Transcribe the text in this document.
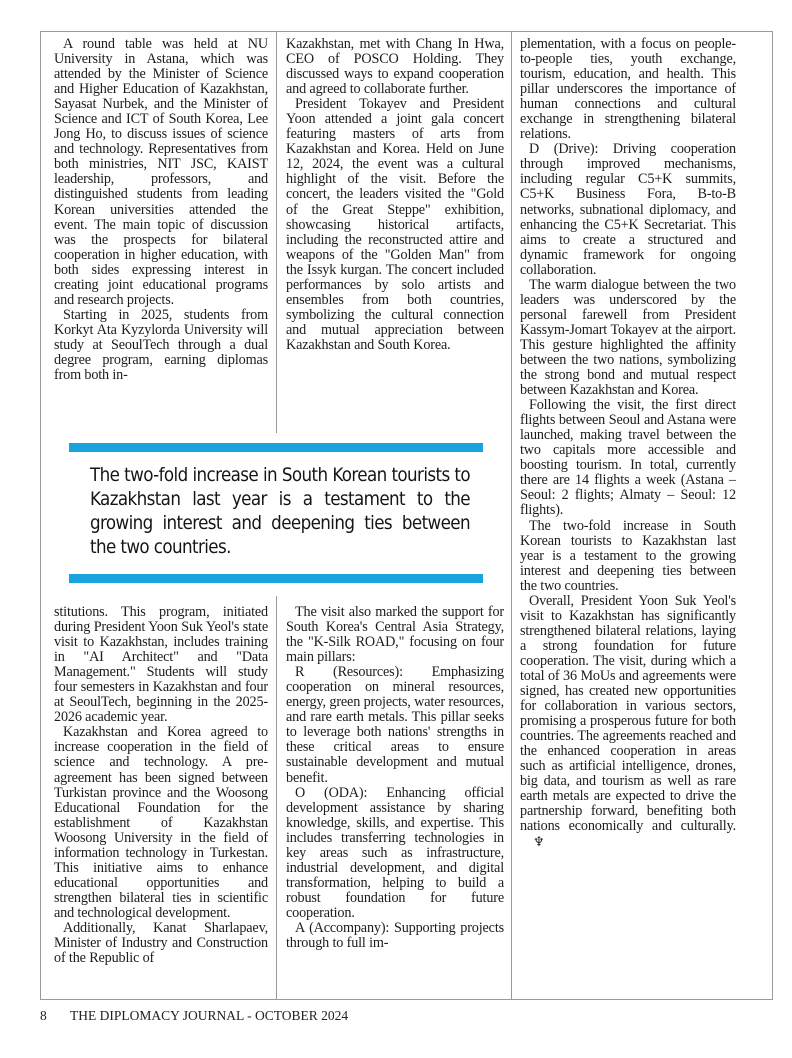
A round table was held at NU University in Astana, which was attended by the Minister of Science and Higher Education of Kazakhstan, Sayasat Nurbek, and the Minister of Science and ICT of South Korea, Lee Jong Ho, to discuss issues of science and technology. Representatives from both ministries, NIT JSC, KAIST leadership, professors, and distinguished students from leading Korean universities attended the event. The main topic of discussion was the prospects for bilateral cooperation in higher education, with both sides expressing interest in creating joint educational programs and research projects.

Starting in 2025, students from Korkyt Ata Kyzylorda University will study at SeoulTech through a dual degree program, earning diplomas from both in-

Kazakhstan, met with Chang In Hwa, CEO of POSCO Holding. They discussed ways to expand cooperation and agreed to collaborate further.

President Tokayev and President Yoon attended a joint gala concert featuring masters of arts from Kazakhstan and Korea. Held on June 12, 2024, the event was a cultural highlight of the visit. Before the concert, the leaders visited the "Gold of the Great Steppe" exhibition, showcasing historical artifacts, including the reconstructed attire and weapons of the "Golden Man" from the Issyk kurgan. The concert included performances by solo artists and ensembles from both countries, symbolizing the cultural connection and mutual appreciation between Kazakhstan and South Korea.

The two-fold increase in South Korean tourists to Kazakhstan last year is a testament to the growing interest and deepening ties between the two countries.

stitutions. This program, initiated during President Yoon Suk Yeol's state visit to Kazakhstan, includes training in "AI Architect" and "Data Management." Students will study four semesters in Kazakhstan and four at SeoulTech, beginning in the 2025-2026 academic year.

Kazakhstan and Korea agreed to increase cooperation in the field of science and technology. A pre-agreement has been signed between Turkistan province and the Woosong Educational Foundation for the establishment of Kazakhstan Woosong University in the field of information technology in Turkestan. This initiative aims to enhance educational opportunities and strengthen bilateral ties in scientific and technological development.

Additionally, Kanat Sharlapaev, Minister of Industry and Construction of the Republic of

The visit also marked the support for South Korea's Central Asia Strategy, the "K-Silk ROAD," focusing on four main pillars:

R (Resources): Emphasizing cooperation on mineral resources, energy, green projects, water resources, and rare earth metals. This pillar seeks to leverage both nations' strengths in these critical areas to ensure sustainable development and mutual benefit.

O (ODA): Enhancing official development assistance by sharing knowledge, skills, and expertise. This includes transferring technologies in key areas such as infrastructure, industrial development, and digital transformation, helping to build a robust foundation for future cooperation.

A (Accompany): Supporting projects through to full im-

plementation, with a focus on people-to-people ties, youth exchange, tourism, education, and health. This pillar underscores the importance of human connections and cultural exchange in strengthening bilateral relations.

D (Drive): Driving cooperation through improved mechanisms, including regular C5+K summits, C5+K Business Fora, B-to-B networks, subnational diplomacy, and enhancing the C5+K Secretariat. This aims to create a structured and dynamic framework for ongoing collaboration.

The warm dialogue between the two leaders was underscored by the personal farewell from President Kassym-Jomart Tokayev at the airport. This gesture highlighted the affinity between the two nations, symbolizing the strong bond and mutual respect between Kazakhstan and Korea.

Following the visit, the first direct flights between Seoul and Astana were launched, making travel between the two capitals more accessible and boosting tourism. In total, currently there are 14 flights a week (Astana – Seoul: 2 flights; Almaty – Seoul: 12 flights).

The two-fold increase in South Korean tourists to Kazakhstan last year is a testament to the growing interest and deepening ties between the two countries.

Overall, President Yoon Suk Yeol's visit to Kazakhstan has significantly strengthened bilateral relations, laying a strong foundation for future cooperation. The visit, during which a total of 36 MoUs and agreements were signed, has created new opportunities for collaboration in various sectors, promising a prosperous future for both countries. The agreements reached and the enhanced cooperation in areas such as artificial intelligence, drones, big data, and tourism as well as rare earth metals are expected to drive the partnership forward, benefiting both nations economically and culturally.♆

8 THE DIPLOMACY JOURNAL - OCTOBER 2024
